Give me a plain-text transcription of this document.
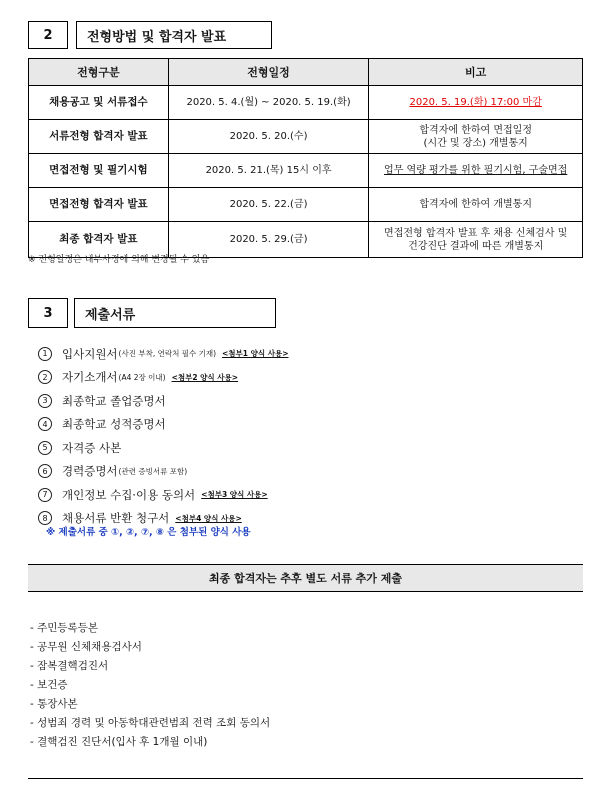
2	전형방법 및 합격자 발표
전형구분	전형일정	비고
채용공고 및 서류접수	2020. 5. 4.(월) ~ 2020. 5. 19.(화)	2020. 5. 19.(화) 17:00 마감
서류전형 합격자 발표	2020. 5. 20.(수)	합격자에 한하여 면접일정
(시간 및 장소) 개별통지

면접전형 및 필기시험	2020. 5. 21.(목) 15시 이후	업무 역량 평가를 위한 필기시험, 구술면접
면접전형 합격자 발표	2020. 5. 22.(금)	합격자에 한하여 개별통지
최종 합격자 발표	2020. 5. 29.(금)	면접전형 합격자 발표 후 채용 신체검사 및
건강진단 결과에 따른 개별통지
※ 전형일정은 내부사정에 의해 변경될 수 있음
3	제출서류
1	입사지원서 (사진 부착, 연락처 필수 기재) <첨부1 양식 사용>
2	자기소개서 (A4 2장 이내) <첨부2 양식 사용>
3	최종학교 졸업증명서
4	최종학교 성적증명서
5	자격증 사본
6	경력증명서 (관련 증빙서류 포함)
7	개인정보 수집·이용 동의서 <첨부3 양식 사용>
8	채용서류 반환 청구서 <첨부4 양식 사용>
※ 제출서류 중 ①, ②, ⑦, ⑧ 은 첨부된 양식 사용
최종 합격자는 추후 별도 서류 추가 제출
- 주민등록등본
- 공무원 신체채용검사서
- 잠복결핵검진서
- 보건증
- 통장사본
- 성범죄 경력 및 아동학대관련범죄 전력 조회 동의서
- 결핵검진 진단서(입사 후 1개월 이내)
